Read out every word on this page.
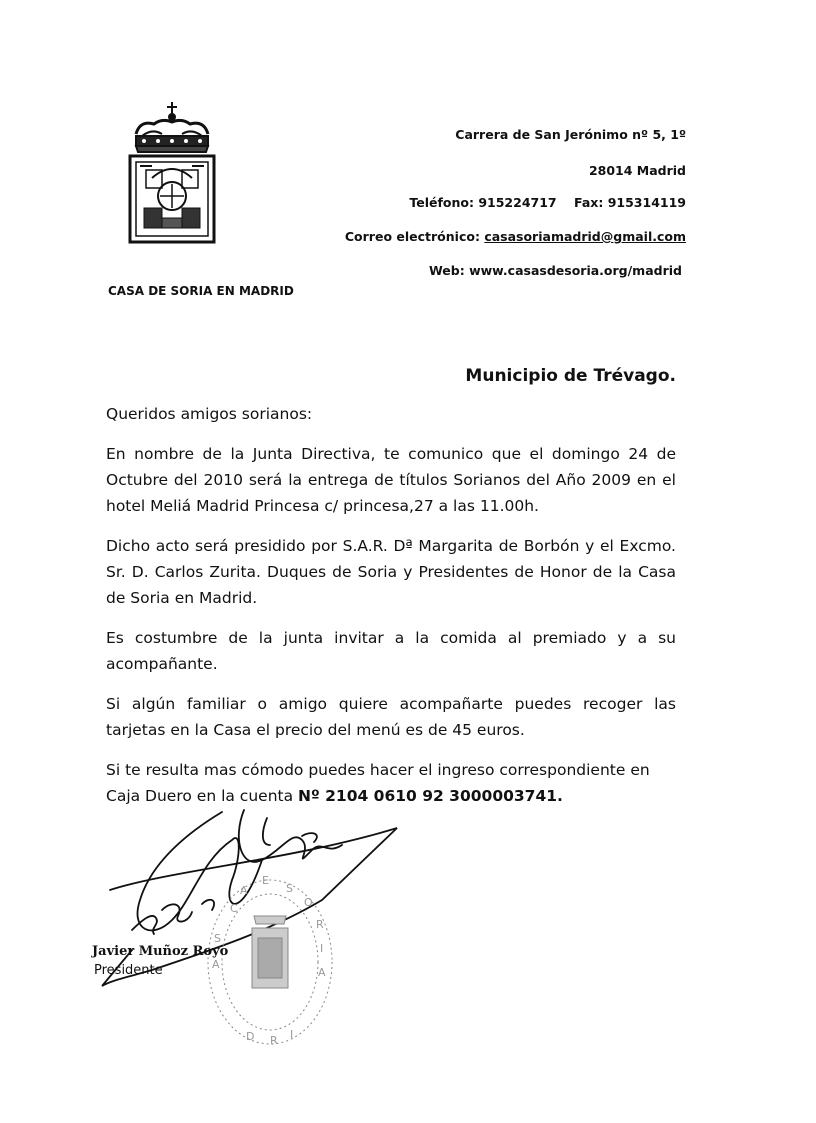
Carrera de San Jerónimo nº 5, 1º
28014 Madrid
Teléfono: 915224717 Fax: 915314119
Correo electrónico: casasoriamadrid@gmail.com
Web: www.casasdesoria.org/madrid
CASA DE SORIA EN MADRID
Municipio de Trévago.

Queridos amigos sorianos:

En nombre de la Junta Directiva, te comunico que el domingo 24 de Octubre del 2010 será la entrega de títulos Sorianos del Año 2009 en el hotel Meliá Madrid Princesa c/ princesa,27 a las 11.00h.

Dicho acto será presidido por S.A.R. Dª Margarita de Borbón y el Excmo. Sr. D. Carlos Zurita. Duques de Soria y Presidentes de Honor de la Casa de Soria en Madrid.

Es costumbre de la junta invitar a la comida al premiado y a su acompañante.

Si algún familiar o amigo quiere acompañarte puedes recoger las tarjetas en la Casa el precio del menú es de 45 euros.

Si te resulta mas cómodo puedes hacer el ingreso correspondiente en Caja Duero en la cuenta Nº 2104 0610 92 3000003741.

C
A
E
S
O
R
I
A
S
A
D R I
Javier Muñoz Royo
Presidente
